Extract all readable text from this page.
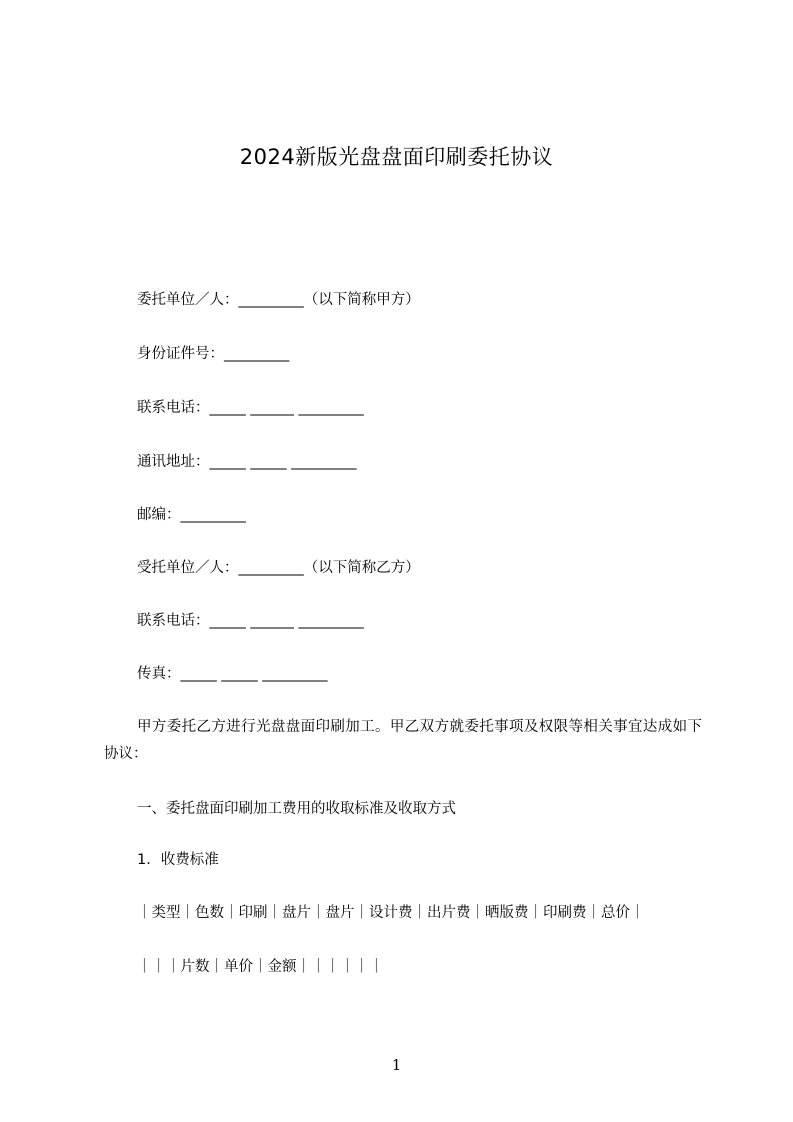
2024新版光盘盘面印刷委托协议
委托单位／人：_________（以下简称甲方）
身份证件号：_________
联系电话：_____ ______ _________
通讯地址：_____ _____ _________
邮编：_________
受托单位／人：_________（以下简称乙方）
联系电话：_____ ______ _________
传真：_____ _____ _________
甲方委托乙方进行光盘盘面印刷加工。甲乙双方就委托事项及权限等相关事宜达成如下协议：
一、委托盘面印刷加工费用的收取标准及收取方式
1．收费标准
｜类型｜色数｜印刷｜盘片｜盘片｜设计费｜出片费｜晒版费｜印刷费｜总价｜
｜｜｜片数｜单价｜金额｜｜｜｜｜｜
1
